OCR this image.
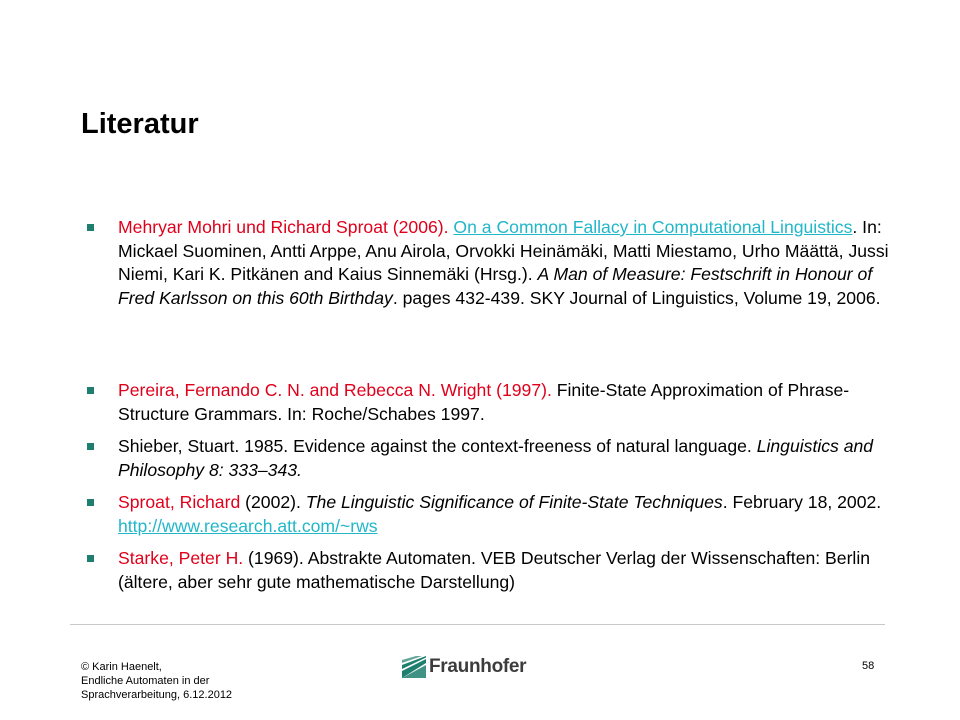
Literatur
Mehryar Mohri und Richard Sproat (2006). On a Common Fallacy in Computational Linguistics. In: Mickael Suominen, Antti Arppe, Anu Airola, Orvokki Heinämäki, Matti Miestamo, Urho Määttä, Jussi Niemi, Kari K. Pitkänen and Kaius Sinnemäki (Hrsg.). A Man of Measure: Festschrift in Honour of Fred Karlsson on this 60th Birthday. pages 432-439. SKY Journal of Linguistics, Volume 19, 2006.
Pereira, Fernando C. N. and Rebecca N. Wright (1997). Finite-State Approximation of Phrase-Structure Grammars. In: Roche/Schabes 1997.
Shieber, Stuart. 1985. Evidence against the context-freeness of natural language. Linguistics and Philosophy 8: 333–343.
Sproat, Richard (2002). The Linguistic Significance of Finite-State Techniques. February 18, 2002. http://www.research.att.com/~rws
Starke, Peter H. (1969). Abstrakte Automaten. VEB Deutscher Verlag der Wissenschaften: Berlin (ältere, aber sehr gute mathematische Darstellung)
© Karin Haenelt,
Endliche Automaten in der
Sprachverarbeitung, 6.12.2012
Fraunhofer	58
